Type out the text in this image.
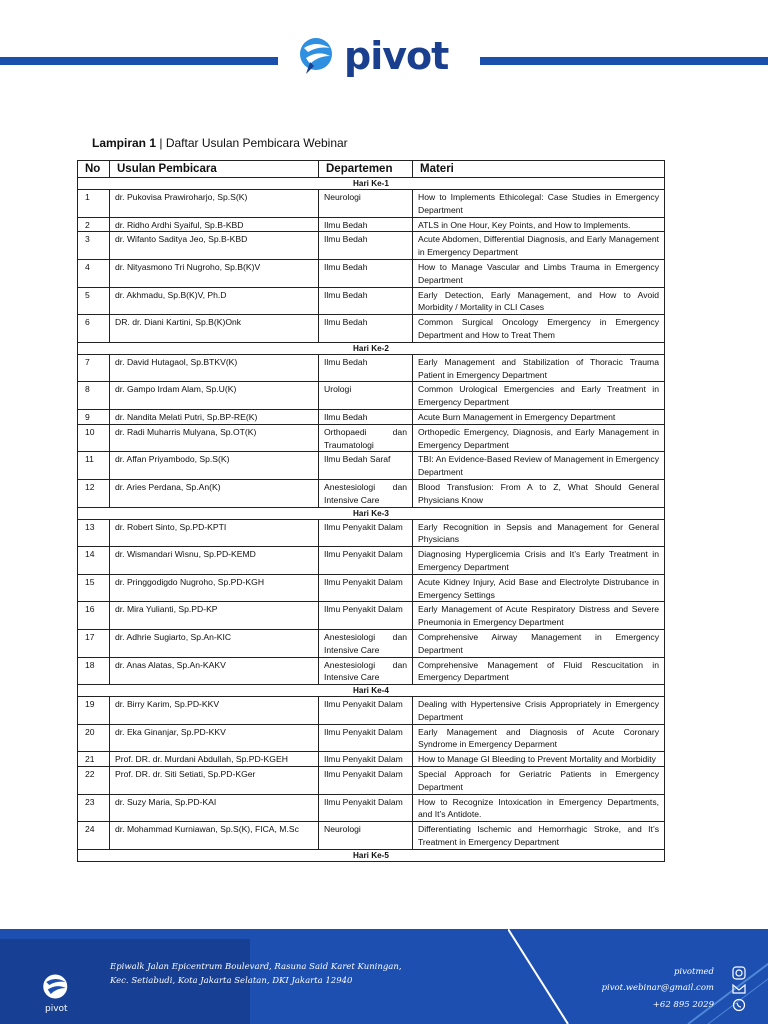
pivot
Lampiran 1 | Daftar Usulan Pembicara Webinar
No	Usulan Pembicara	Departemen	Materi
Hari Ke-1			
1	dr. Pukovisa Prawiroharjo, Sp.S(K)	Neurologi	How to Implements Ethicolegal: Case Studies in Emergency Department
2	dr. Ridho Ardhi Syaiful, Sp.B-KBD	Ilmu Bedah	ATLS in One Hour, Key Points, and How to Implements.
3	dr. Wifanto Saditya Jeo, Sp.B-KBD	Ilmu Bedah	Acute Abdomen, Differential Diagnosis, and Early Management in Emergency Department
4	dr. Nityasmono Tri Nugroho, Sp.B(K)V	Ilmu Bedah	How to Manage Vascular and Limbs Trauma in Emergency Department
5	dr. Akhmadu, Sp.B(K)V, Ph.D	Ilmu Bedah	Early Detection, Early Management, and How to Avoid Morbidity / Mortality in CLI Cases
6	DR. dr. Diani Kartini, Sp.B(K)Onk	Ilmu Bedah	Common Surgical Oncology Emergency in Emergency Department and How to Treat Them
Hari Ke-2			
7	dr. David Hutagaol, Sp.BTKV(K)	Ilmu Bedah	Early Management and Stabilization of Thoracic Trauma Patient in Emergency Department
8	dr. Gampo Irdam Alam, Sp.U(K)	Urologi	Common Urological Emergencies and Early Treatment in Emergency Department
9	dr. Nandita Melati Putri, Sp.BP-RE(K)	Ilmu Bedah	Acute Burn Management in Emergency Department
10	dr. Radi Muharris Mulyana, Sp.OT(K)	Orthopaedi dan Traumatologi	Orthopedic Emergency, Diagnosis, and Early Management in Emergency Department
11	dr. Affan Priyambodo, Sp.S(K)	Ilmu Bedah Saraf	TBI: An Evidence-Based Review of Management in Emergency Department
12	dr. Aries Perdana, Sp.An(K)	Anestesiologi dan Intensive Care	Blood Transfusion: From A to Z, What Should General Physicians Know
Hari Ke-3			
13	dr. Robert Sinto, Sp.PD-KPTI	Ilmu Penyakit Dalam	Early Recognition in Sepsis and Management for General Physicians
14	dr. Wismandari Wisnu, Sp.PD-KEMD	Ilmu Penyakit Dalam	Diagnosing Hyperglicemia Crisis and It’s Early Treatment in Emergency Department
15	dr. Pringgodigdo Nugroho, Sp.PD-KGH	Ilmu Penyakit Dalam	Acute Kidney Injury, Acid Base and Electrolyte Distrubance in Emergency Settings
16	dr. Mira Yulianti, Sp.PD-KP	Ilmu Penyakit Dalam	Early Management of Acute Respiratory Distress and Severe Pneumonia in Emergency Department
17	dr. Adhrie Sugiarto, Sp.An-KIC	Anestesiologi dan Intensive Care	Comprehensive Airway Management in Emergency Department
18	dr. Anas Alatas, Sp.An-KAKV	Anestesiologi dan Intensive Care	Comprehensive Management of Fluid Rescucitation in Emergency Department
Hari Ke-4			
19	dr. Birry Karim, Sp.PD-KKV	Ilmu Penyakit Dalam	Dealing with Hypertensive Crisis Appropriately in Emergency Department
20	dr. Eka Ginanjar, Sp.PD-KKV	Ilmu Penyakit Dalam	Early Management and Diagnosis of Acute Coronary Syndrome in Emergency Deparment
21	Prof. DR. dr. Murdani Abdullah, Sp.PD-KGEH	Ilmu Penyakit Dalam	How to Manage GI Bleeding to Prevent Mortality and Morbidity
22	Prof. DR. dr. Siti Setiati, Sp.PD-KGer	Ilmu Penyakit Dalam	Special Approach for Geriatric Patients in Emergency Department
23	dr. Suzy Maria, Sp.PD-KAI	Ilmu Penyakit Dalam	How to Recognize Intoxication in Emergency Departments, and It’s Antidote.
24	dr. Mohammad Kurniawan, Sp.S(K), FICA, M.Sc	Neurologi	Differentiating Ischemic and Hemorrhagic Stroke, and It’s Treatment in Emergency Department
Hari Ke-5			
pivot
Epiwalk Jalan Epicentrum Boulevard, Rasuna Said Karet Kuningan,
Kec. Setiabudi, Kota Jakarta Selatan, DKI Jakarta 12940
pivotmed
pivot.webinar@gmail.com
+62 895 2029
